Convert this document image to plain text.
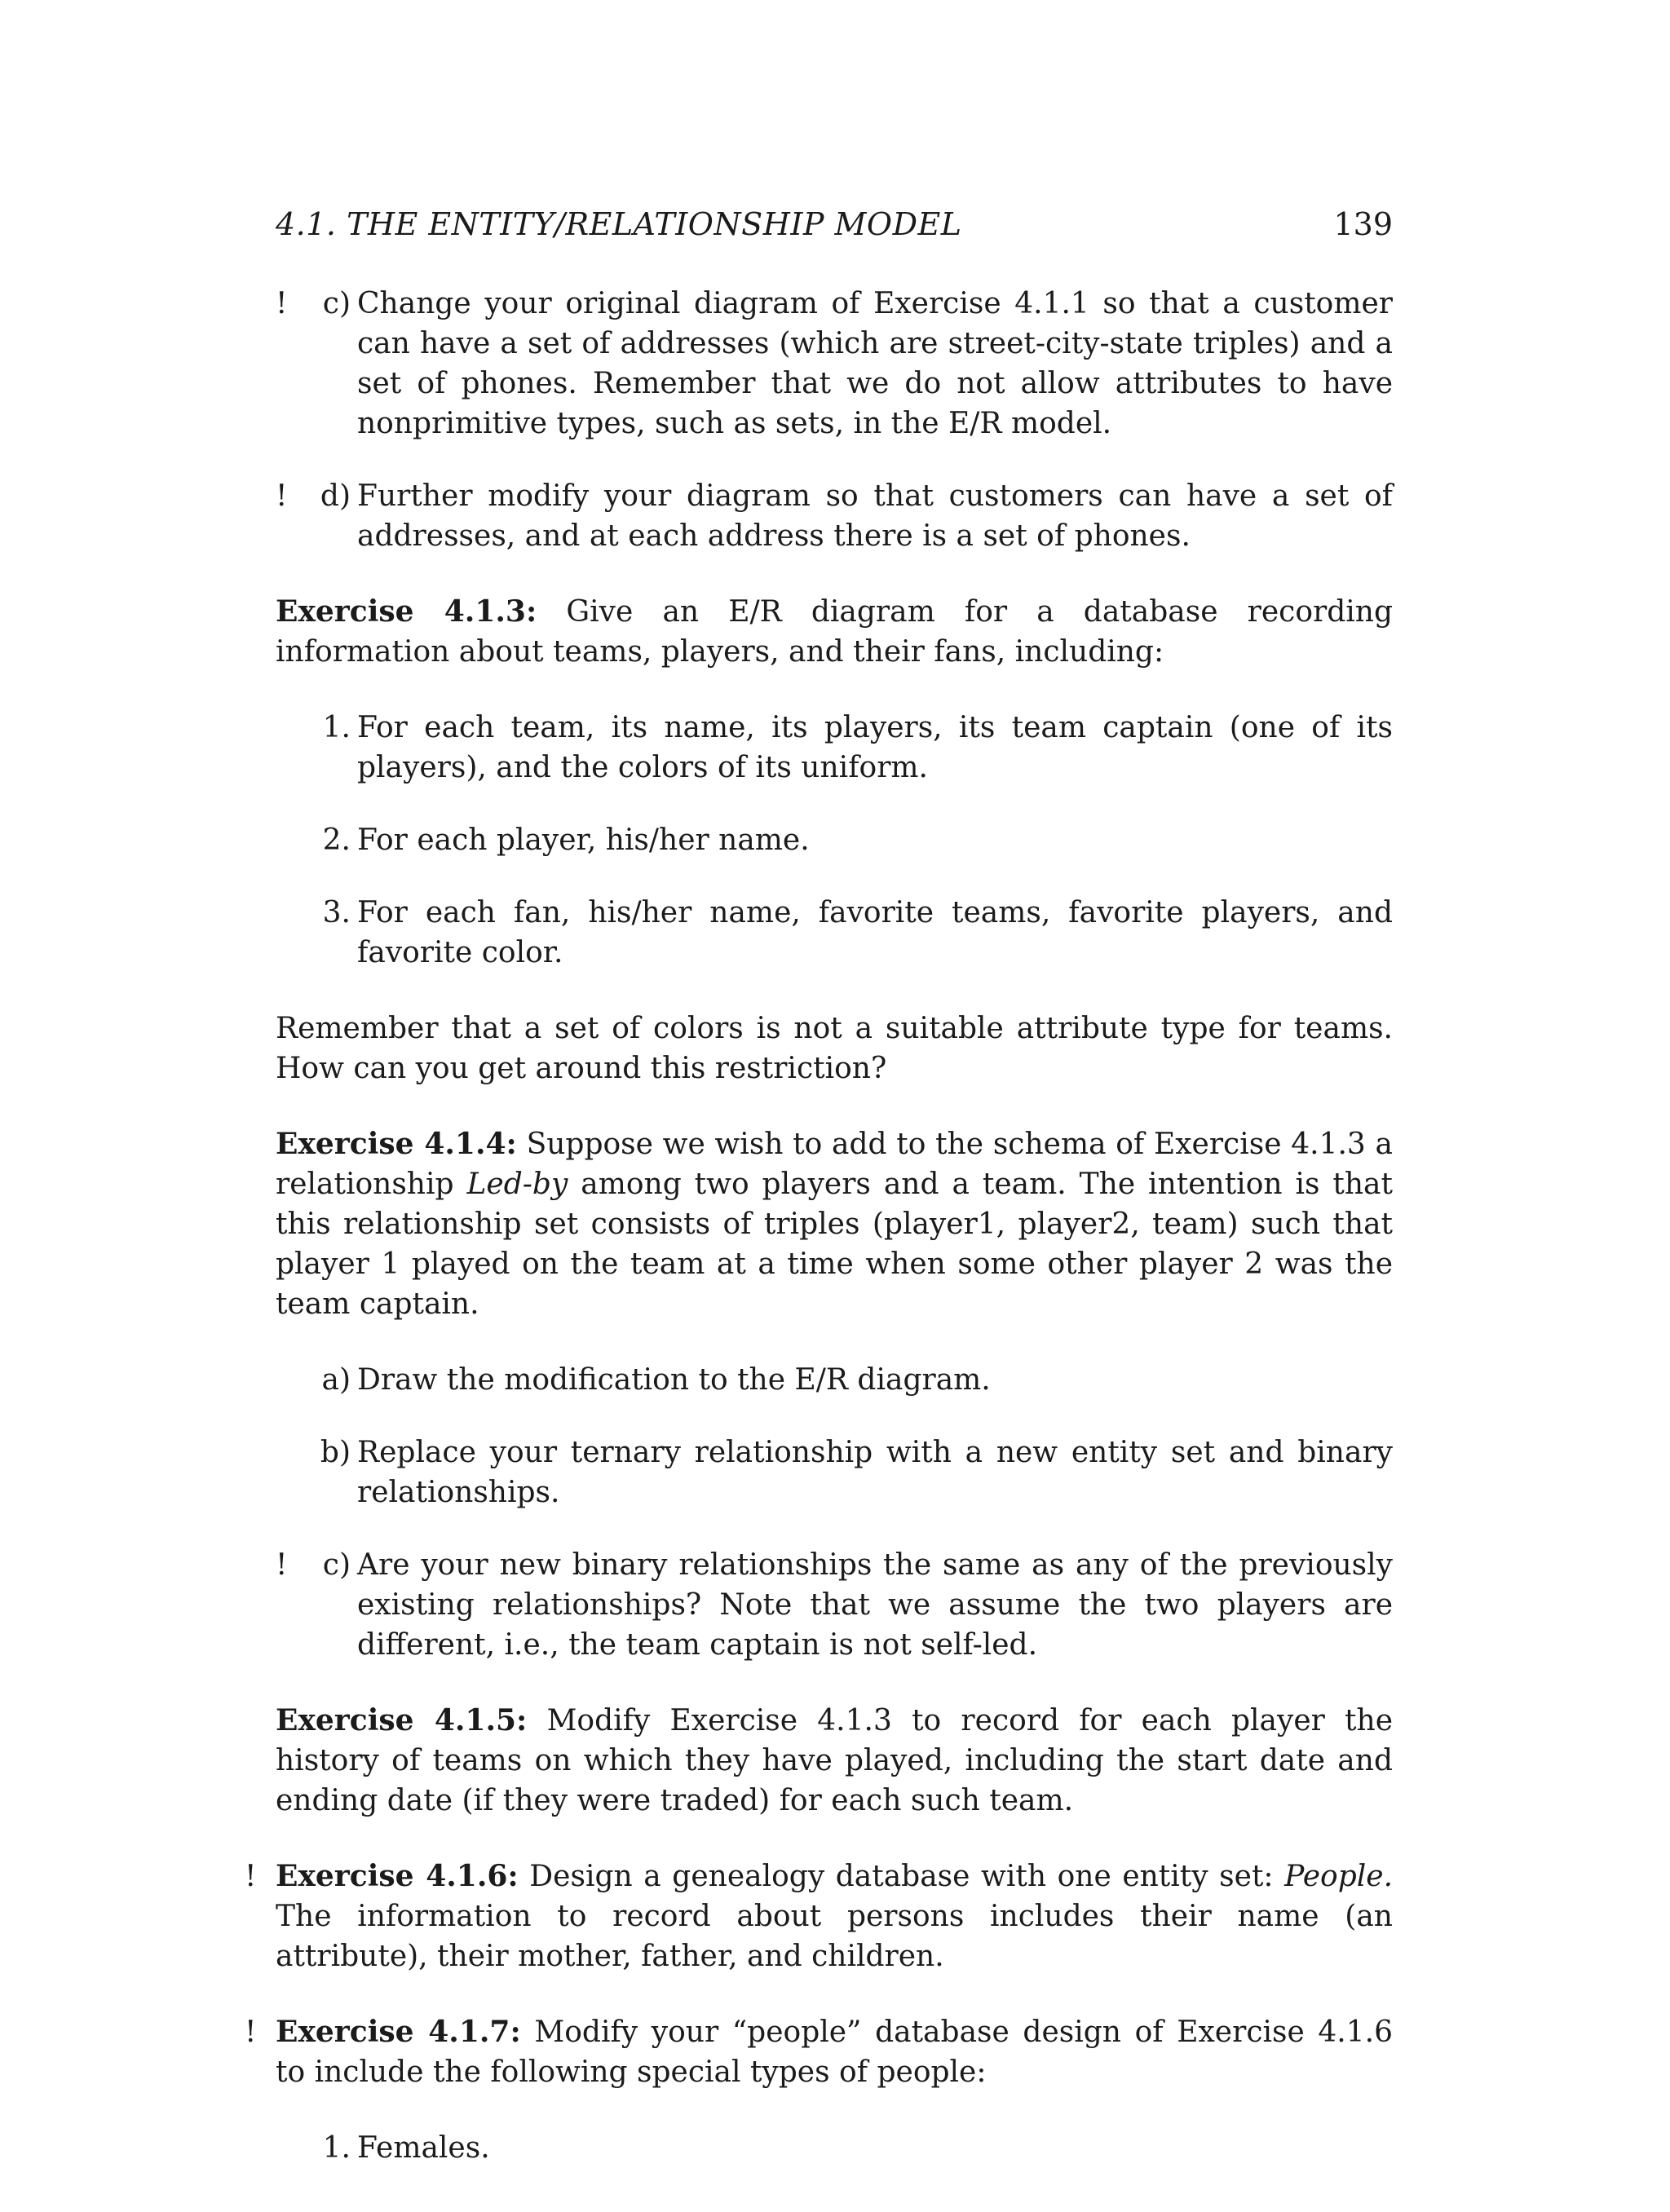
4.1. THE ENTITY/RELATIONSHIP MODEL	139
!	c) Change your original diagram of Exercise 4.1.1 so that a customer can have a set of addresses (which are street-city-state triples) and a set of phones. Remember that we do not allow attributes to have nonprimitive types, such as sets, in the E/R model.
!	d) Further modify your diagram so that customers can have a set of addresses, and at each address there is a set of phones.
Exercise 4.1.3: Give an E/R diagram for a database recording information about teams, players, and their fans, including:
1. For each team, its name, its players, its team captain (one of its players), and the colors of its uniform.
2. For each player, his/her name.
3. For each fan, his/her name, favorite teams, favorite players, and favorite color.

Remember that a set of colors is not a suitable attribute type for teams. How can you get around this restriction?

Exercise 4.1.4: Suppose we wish to add to the schema of Exercise 4.1.3 a relationship Led-by among two players and a team. The intention is that this relationship set consists of triples (player1, player2, team) such that player 1 played on the team at a time when some other player 2 was the team captain.
a) Draw the modification to the E/R diagram.
b) Replace your ternary relationship with a new entity set and binary relationships.
!	c) Are your new binary relationships the same as any of the previously existing relationships? Note that we assume the two players are different, i.e., the team captain is not self-led.
Exercise 4.1.5: Modify Exercise 4.1.3 to record for each player the history of teams on which they have played, including the start date and ending date (if they were traded) for each such team.
! Exercise 4.1.6: Design a genealogy database with one entity set: People. The information to record about persons includes their name (an attribute), their mother, father, and children.
! Exercise 4.1.7: Modify your “people” database design of Exercise 4.1.6 to include the following special types of people:
1. Females.
